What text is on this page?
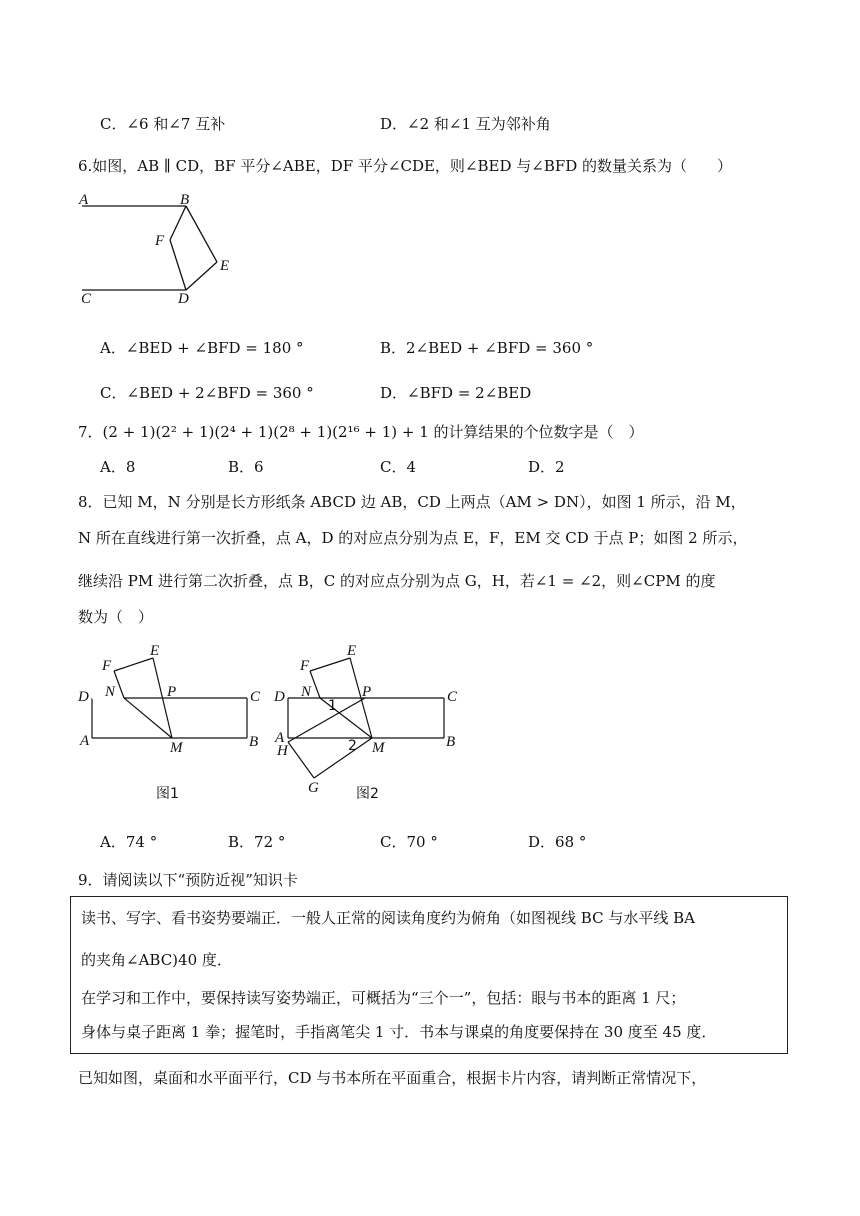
C．∠6 和∠7 互补	D．∠2 和∠1 互为邻补角
6.如图，AB ∥ CD，BF 平分∠ABE，DF 平分∠CDE，则∠BED 与∠BFD 的数量关系为（　　）
A	B
F
E
C	D
A．∠BED + ∠BFD = 180 °	B．2∠BED + ∠BFD = 360 °
C．∠BED + 2∠BFD = 360 °	D．∠BFD = 2∠BED
7．(2 + 1)(2² + 1)(2⁴ + 1)(2⁸ + 1)(2¹⁶ + 1) + 1 的计算结果的个位数字是（　）
A．8	B．6	C．4	D．2
8．已知 M，N 分别是长方形纸条 ABCD 边 AB，CD 上两点（AM > DN），如图 1 所示，沿 M，
N 所在直线进行第一次折叠，点 A，D 的对应点分别为点 E，F，EM 交 CD 于点 P；如图 2 所示，
继续沿 PM 进行第二次折叠，点 B，C 的对应点分别为点 G，H，若∠1 = ∠2，则∠CPM 的度
数为（　）
F
E
D N	P	C
A	M	B
图1
F
E
D N	P	C
1
A	2 M	B
H
G	图2
A．74 °	B．72 °	C．70 °	D．68 °
9．请阅读以下“预防近视”知识卡
读书、写字、看书姿势要端正．一般人正常的阅读角度约为俯角（如图视线 BC 与水平线 BA
的夹角∠ABC)40 度．
在学习和工作中，要保持读写姿势端正，可概括为“三个一”，包括：眼与书本的距离 1 尺；
身体与桌子距离 1 拳；握笔时，手指离笔尖 1 寸．书本与课桌的角度要保持在 30 度至 45 度．
已知如图，桌面和水平面平行，CD 与书本所在平面重合，根据卡片内容，请判断正常情况下，
